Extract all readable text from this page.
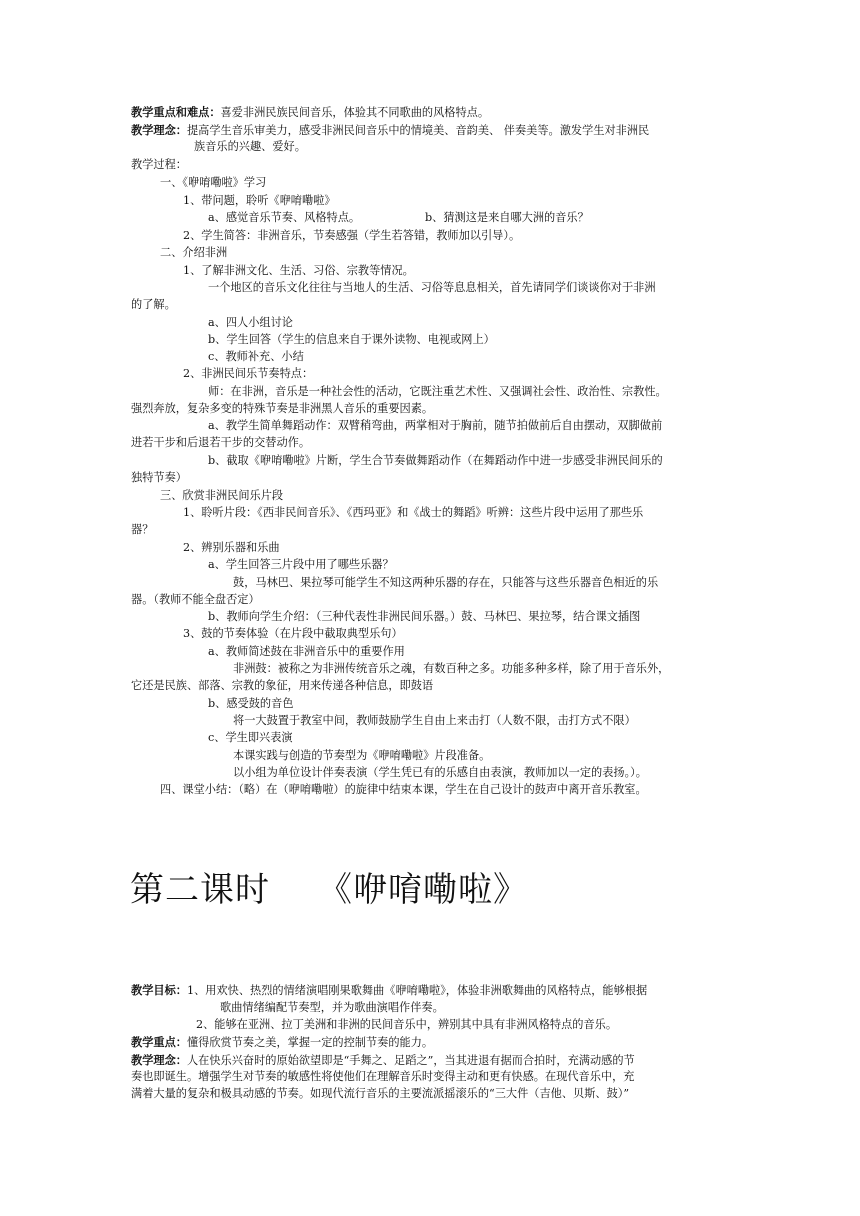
教学重点和难点：喜爱非洲民族民间音乐，体验其不同歌曲的风格特点。
教学理念：提高学生音乐审美力，感受非洲民间音乐中的情境美、音韵美、 伴奏美等。激发学生对非洲民
族音乐的兴趣、爱好。
教学过程：
一、《咿唷嘞啦》学习
1、带问题，聆听《咿唷嘞啦》
a、感觉音乐节奏、风格特点。	b、猜测这是来自哪大洲的音乐？
2、学生简答：非洲音乐，节奏感强（学生若答错，教师加以引导）。
二、介绍非洲
1、了解非洲文化、生活、习俗、宗教等情况。
一个地区的音乐文化往往与当地人的生活、习俗等息息相关，首先请同学们谈谈你对于非洲
的了解。
a、四人小组讨论
b、学生回答（学生的信息来自于课外读物、电视或网上）
c、教师补充、小结
2、非洲民间乐节奏特点：
师：在非洲，音乐是一种社会性的活动，它既注重艺术性、又强调社会性、政治性、宗教性。
强烈奔放，复杂多变的特殊节奏是非洲黑人音乐的重要因素。
a、教学生简单舞蹈动作：双臂稍弯曲，两掌相对于胸前，随节拍做前后自由摆动，双脚做前
进若干步和后退若干步的交替动作。
b、截取《咿唷嘞啦》片断，学生合节奏做舞蹈动作（在舞蹈动作中进一步感受非洲民间乐的
独特节奏）
三、欣赏非洲民间乐片段
1、聆听片段：《西非民间音乐》、《西玛亚》和《战士的舞蹈》听辨：这些片段中运用了那些乐
器？
2、辨别乐器和乐曲
a、学生回答三片段中用了哪些乐器？
鼓，马林巴、果拉琴可能学生不知这两种乐器的存在，只能答与这些乐器音色相近的乐
器。（教师不能全盘否定）
b、教师向学生介绍：（三种代表性非洲民间乐器。）鼓、马林巴、果拉琴，结合课文插图
3、鼓的节奏体验（在片段中截取典型乐句）
a、教师简述鼓在非洲音乐中的重要作用
非洲鼓：被称之为非洲传统音乐之魂，有数百种之多。功能多种多样，除了用于音乐外，
它还是民族、部落、宗教的象征，用来传递各种信息，即鼓语
b、感受鼓的音色
将一大鼓置于教室中间，教师鼓励学生自由上来击打（人数不限，击打方式不限）
c、学生即兴表演
本课实践与创造的节奏型为《咿唷嘞啦》片段准备。
以小组为单位设计伴奏表演（学生凭已有的乐感自由表演，教师加以一定的表扬。）。
四、课堂小结：（略）在（咿唷嘞啦）的旋律中结束本课，学生在自己设计的鼓声中离开音乐教室。
第二课时 《咿唷嘞啦》
教学目标：1、用欢快、热烈的情绪演唱刚果歌舞曲《咿唷嘞啦》，体验非洲歌舞曲的风格特点，能够根据
歌曲情绪编配节奏型，并为歌曲演唱作伴奏。
2、能够在亚洲、拉丁美洲和非洲的民间音乐中，辨别其中具有非洲风格特点的音乐。
教学重点：懂得欣赏节奏之美，掌握一定的控制节奏的能力。
教学理念：人在快乐兴奋时的原始欲望即是“手舞之、足蹈之”，当其进退有据而合拍时，充满动感的节
奏也即诞生。增强学生对节奏的敏感性将使他们在理解音乐时变得主动和更有快感。在现代音乐中，充
满着大量的复杂和极具动感的节奏。如现代流行音乐的主要流派摇滚乐的“三大件（吉他、贝斯、鼓）”
